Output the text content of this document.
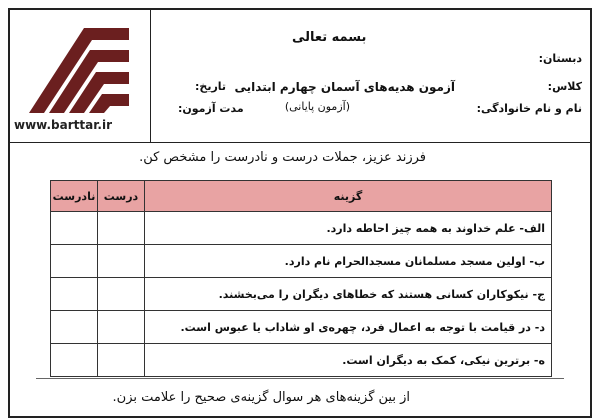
www.barttar.ir
بسمه تعالی
دبستان:
کلاس:
نام و نام خانوادگی:
آزمون هدیه‌های آسمان چهارم ابتدایی
(آزمون پایانی)
تاریخ:
مدت آزمون:
فرزند عزیز، جملات درست و نادرست را مشخص کن.
گزینه	درست	نادرست
الف- علم خداوند به همه چیز احاطه دارد.		
ب- اولین مسجد مسلمانان مسجدالحرام نام دارد.		
ج- نیکوکاران کسانی هستند که خطاهای دیگران را می‌بخشند.		
د- در قیامت با توجه به اعمال فرد، چهره‌ی او شاداب یا عبوس است.		
ه- برترین نیکی، کمک به دیگران است.		
از بین گزینه‌های هر سوال گزینه‌ی صحیح را علامت بزن.
